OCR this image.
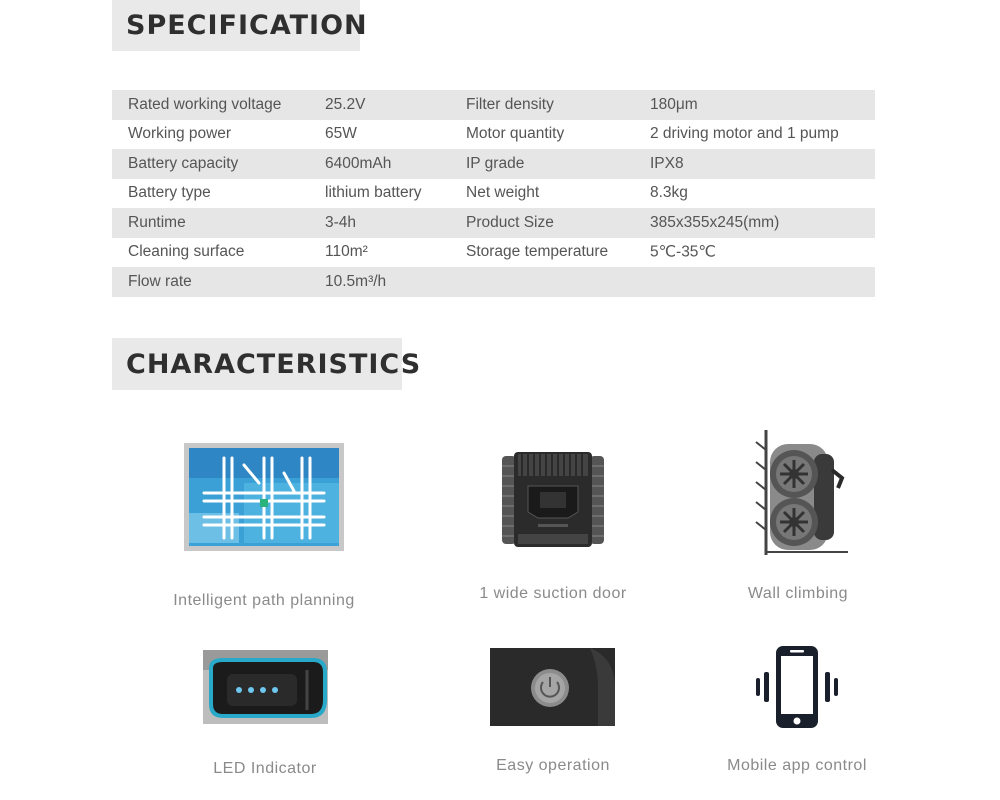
SPECIFICATION
Rated working voltage	25.2V	Filter density	180μm
Working power	65W	Motor quantity	2 driving motor and 1 pump
Battery capacity	6400mAh	IP grade	IPX8
Battery type	lithium battery	Net weight	8.3kg
Runtime	3-4h	Product Size	385x355x245(mm)
Cleaning surface	110m²	Storage temperature	5℃-35℃
Flow rate	10.5m³/h
CHARACTERISTICS
Intelligent path planning	1 wide suction door	Wall climbing
LED Indicator	Easy operation	Mobile app control
